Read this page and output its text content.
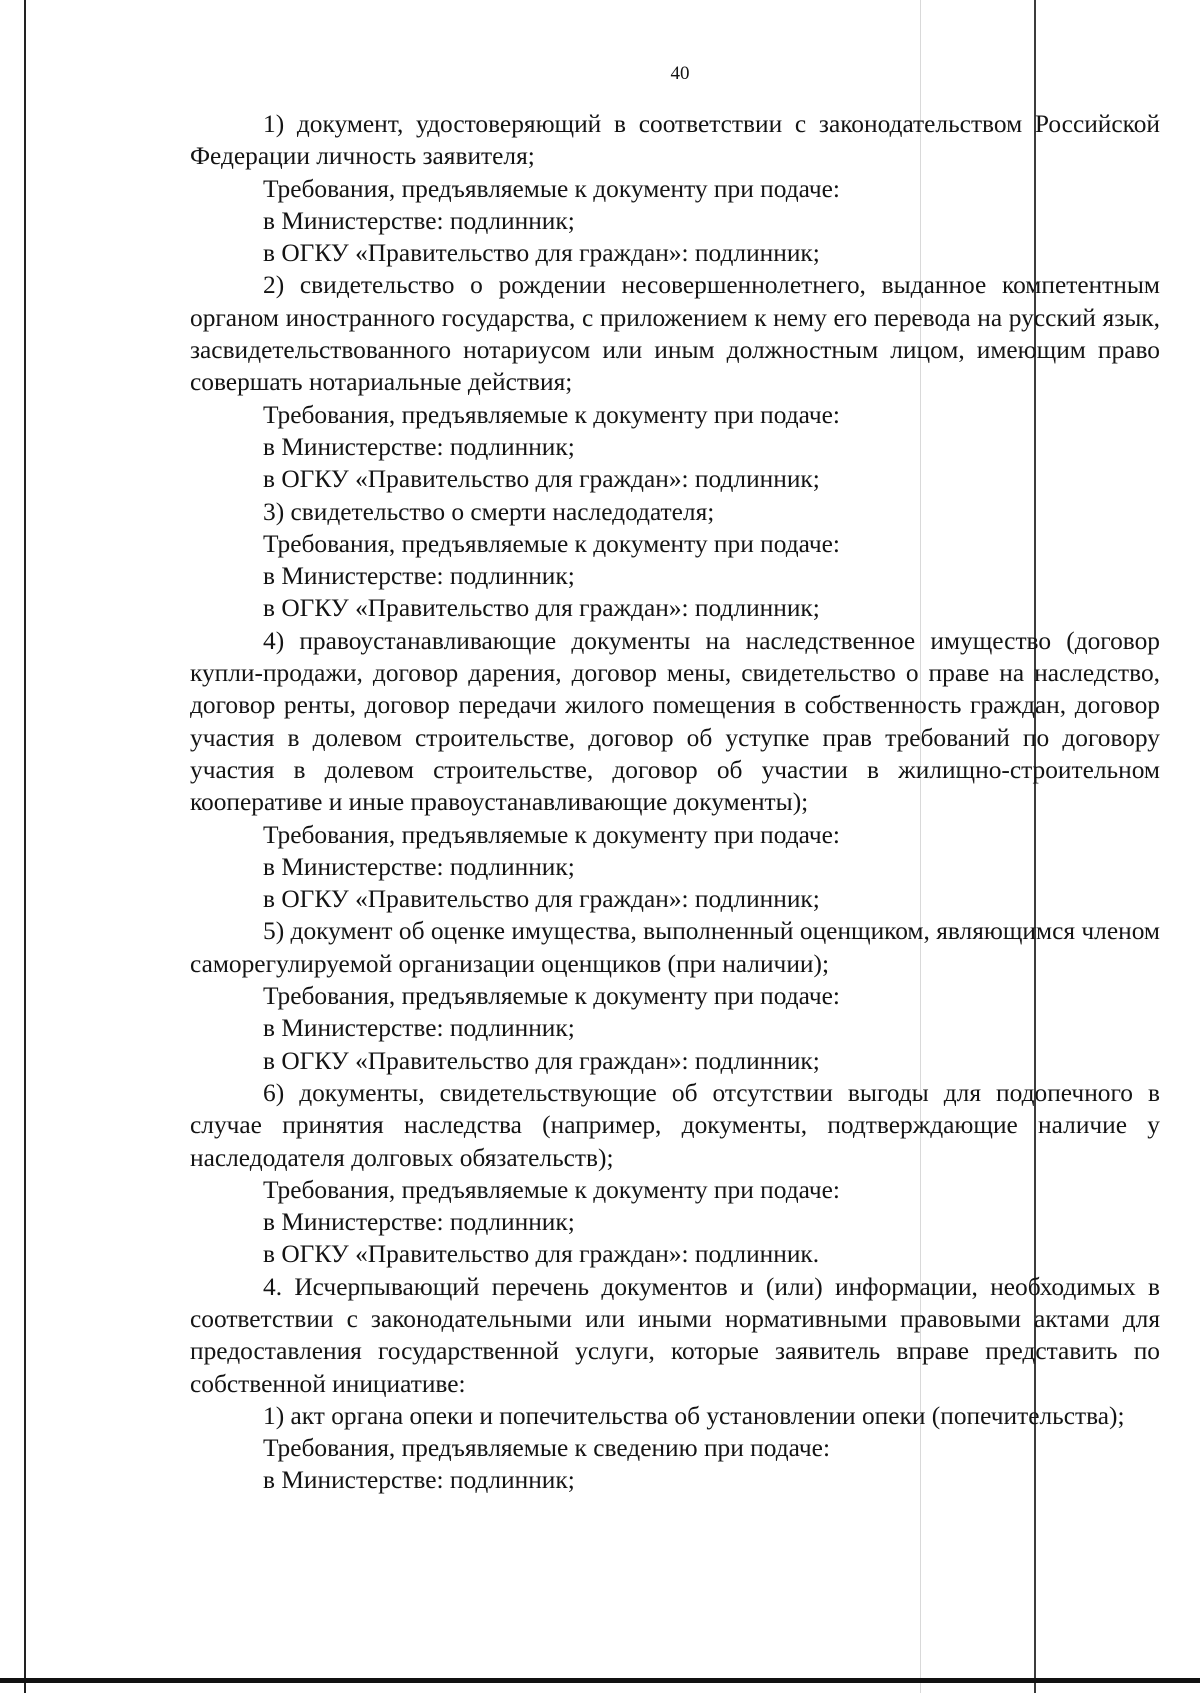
40

1) документ, удостоверяющий в соответствии с законодательством Российской Федерации личность заявителя;

Требования, предъявляемые к документу при подаче:

в Министерстве: подлинник;

в ОГКУ «Правительство для граждан»: подлинник;

2) свидетельство о рождении несовершеннолетнего, выданное компетентным органом иностранного государства, с приложением к нему его перевода на русский язык, засвидетельствованного нотариусом или иным должностным лицом, имеющим право совершать нотариальные действия;

Требования, предъявляемые к документу при подаче:

в Министерстве: подлинник;

в ОГКУ «Правительство для граждан»: подлинник;

3) свидетельство о смерти наследодателя;

Требования, предъявляемые к документу при подаче:

в Министерстве: подлинник;

в ОГКУ «Правительство для граждан»: подлинник;

4) правоустанавливающие документы на наследственное имущество (договор купли-продажи, договор дарения, договор мены, свидетельство о праве на наследство, договор ренты, договор передачи жилого помещения в собственность граждан, договор участия в долевом строительстве, договор об уступке прав требований по договору участия в долевом строительстве, договор об участии в жилищно-строительном кооперативе и иные правоустанавливающие документы);

Требования, предъявляемые к документу при подаче:

в Министерстве: подлинник;

в ОГКУ «Правительство для граждан»: подлинник;

5) документ об оценке имущества, выполненный оценщиком, являющимся членом саморегулируемой организации оценщиков (при наличии);

Требования, предъявляемые к документу при подаче:

в Министерстве: подлинник;

в ОГКУ «Правительство для граждан»: подлинник;

6) документы, свидетельствующие об отсутствии выгоды для подопечного в случае принятия наследства (например, документы, подтверждающие наличие у наследодателя долговых обязательств);

Требования, предъявляемые к документу при подаче:

в Министерстве: подлинник;

в ОГКУ «Правительство для граждан»: подлинник.

4. Исчерпывающий перечень документов и (или) информации, необходимых в соответствии с законодательными или иными нормативными правовыми актами для предоставления государственной услуги, которые заявитель вправе представить по собственной инициативе:

1) акт органа опеки и попечительства об установлении опеки (попечительства);

Требования, предъявляемые к сведению при подаче:

в Министерстве: подлинник;
